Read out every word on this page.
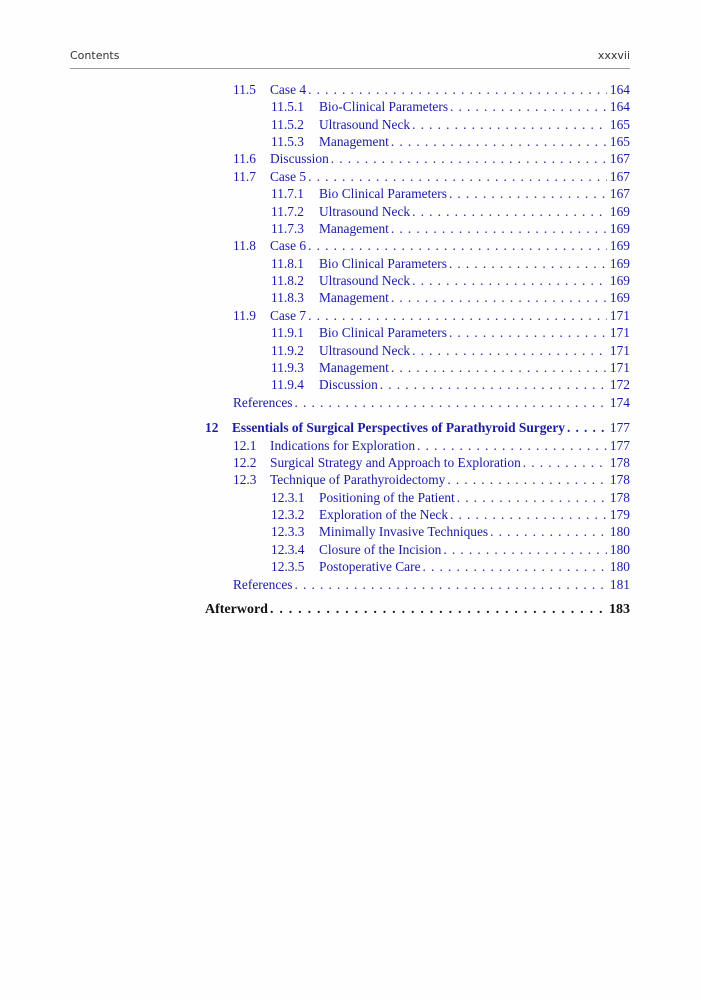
Contents	xxxvii
11.5	Case 4 . . .	164
11.5.1	Bio-Clinical Parameters . . .	164
11.5.2	Ultrasound Neck . . .	165
11.5.3	Management . . .	165
11.6	Discussion . . .	167
11.7	Case 5 . . .	167
11.7.1	Bio Clinical Parameters . . .	167
11.7.2	Ultrasound Neck . . .	169
11.7.3	Management . . .	169
11.8	Case 6 . . .	169
11.8.1	Bio Clinical Parameters . . .	169
11.8.2	Ultrasound Neck . . .	169
11.8.3	Management . . .	169
11.9	Case 7 . . .	171
11.9.1	Bio Clinical Parameters . . .	171
11.9.2	Ultrasound Neck . . .	171
11.9.3	Management . . .	171
11.9.4	Discussion . . .	172
References . . .	174
12	Essentials of Surgical Perspectives of Parathyroid Surgery . . .	177
12.1	Indications for Exploration . . .	177
12.2	Surgical Strategy and Approach to Exploration . . .	178
12.3	Technique of Parathyroidectomy . . .	178
12.3.1	Positioning of the Patient . . .	178
12.3.2	Exploration of the Neck . . .	179
12.3.3	Minimally Invasive Techniques . . .	180
12.3.4	Closure of the Incision . . .	180
12.3.5	Postoperative Care . . .	180
References . . .	181
Afterword . . .	183
